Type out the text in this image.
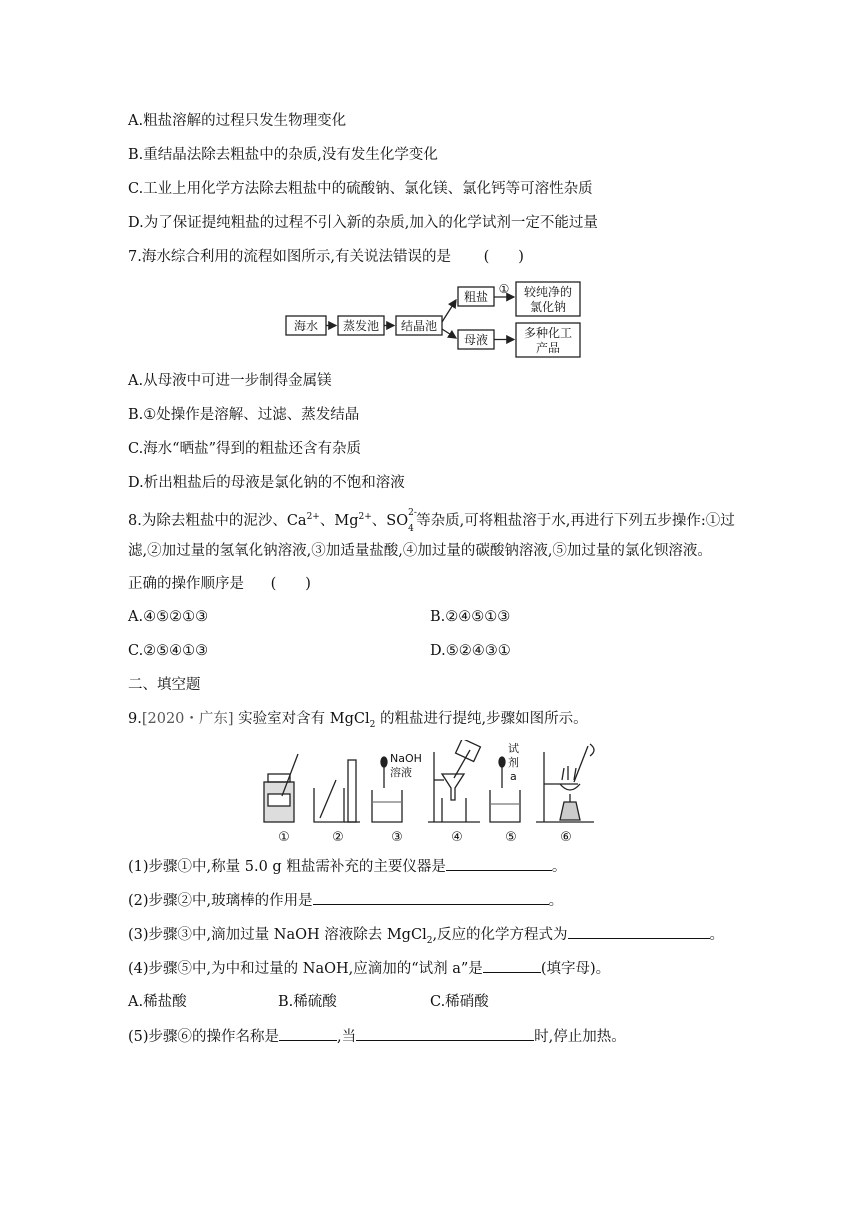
A.粗盐溶解的过程只发生物理变化
B.重结晶法除去粗盐中的杂质,没有发生化学变化
C.工业上用化学方法除去粗盐中的硫酸钠、氯化镁、氯化钙等可溶性杂质
D.为了保证提纯粗盐的过程不引入新的杂质,加入的化学试剂一定不能过量
7.海水综合利用的流程如图所示,有关说法错误的是 (　　)
海水 蒸发池 结晶池
粗盐
① 较纯净的
氯化钠
母液	多种化工
产品
A.从母液中可进一步制得金属镁
B.①处操作是溶解、过滤、蒸发结晶
C.海水“晒盐”得到的粗盐还含有杂质
D.析出粗盐后的母液是氯化钠的不饱和溶液
8.为除去粗盐中的泥沙、$Ca^{2+}$、$Mg^{2+}$、SO 2-
4 等杂质,可将粗盐溶于水,再进行下列五步操作:①过
滤,②加过量的氢氧化钠溶液,③加适量盐酸,④加过量的碳酸钠溶液,⑤加过量的氯化钡溶液。
正确的操作顺序是 (　　)
A.④⑤②①③	B.②④⑤①③
C.②⑤④①③	D.⑤②④③①
二、填空题
9.[2020・广东] 实验室对含有 MgCl$_2$ 的粗盐进行提纯,步骤如图所示。
NaOH
溶液
试
剂
a
①	②	③	④	⑤	⑥
(1)步骤①中,称量 5.0 g 粗盐需补充的主要仪器是	。
(2)步骤②中,玻璃棒的作用是	。
(3)步骤③中,滴加过量 NaOH 溶液除去 MgCl$_2$,反应的化学方程式为	。
(4)步骤⑤中,为中和过量的 NaOH,应滴加的“试剂 a”是	(填字母)。
A.稀盐酸	B.稀硫酸	C.稀硝酸
(5)步骤⑥的操作名称是	,当	时,停止加热。
